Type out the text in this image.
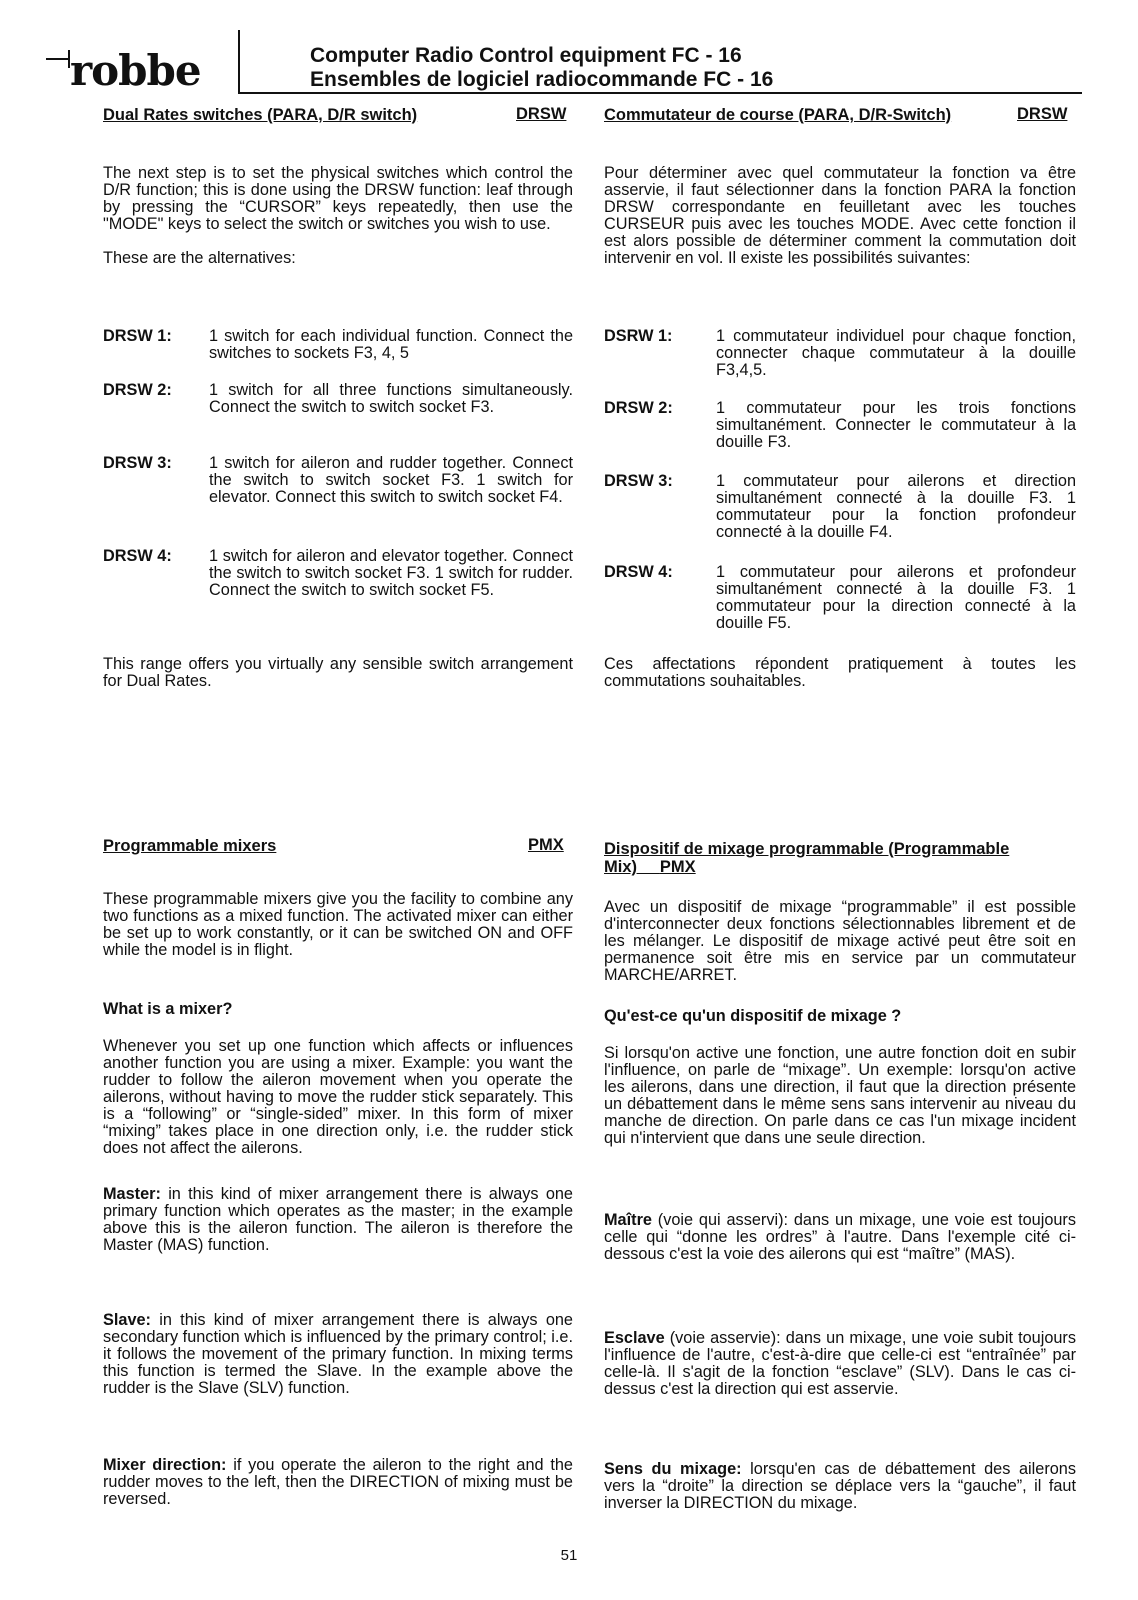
robbe	Computer Radio Control equipment FC - 16
Ensembles de logiciel radiocommande FC - 16
Dual Rates switches (PARA, D/R switch)	DRSW
The next step is to set the physical switches which control the D/R function; this is done using the DRSW function: leaf through by pressing the “CURSOR” keys repeatedly, then use the "MODE" keys to select the switch or switches you wish to use.
These are the alternatives:
DRSW 1: 1 switch for each individual function. Connect the switches to sockets F3, 4, 5
DRSW 2: 1 switch for all three functions simultaneously. Connect the switch to switch socket F3.
DRSW 3: 1 switch for aileron and rudder together. Connect the switch to switch socket F3. 1 switch for elevator. Connect this switch to switch socket F4.
DRSW 4: 1 switch for aileron and elevator together. Connect the switch to switch socket F3. 1 switch for rudder. Connect the switch to switch socket F5.
This range offers you virtually any sensible switch arrangement for Dual Rates.
Programmable mixers	PMX
These programmable mixers give you the facility to combine any two functions as a mixed function. The activated mixer can either be set up to work constantly, or it can be switched ON and OFF while the model is in flight.
What is a mixer?
Whenever you set up one function which affects or influences another function you are using a mixer. Example: you want the rudder to follow the aileron movement when you operate the ailerons, without having to move the rudder stick separately. This is a “following” or “single-sided” mixer. In this form of mixer “mixing” takes place in one direction only, i.e. the rudder stick does not affect the ailerons.
Master: in this kind of mixer arrangement there is always one primary function which operates as the master; in the example above this is the aileron function. The aileron is therefore the Master (MAS) function.
Slave: in this kind of mixer arrangement there is always one secondary function which is influenced by the primary control; i.e. it follows the movement of the primary function. In mixing terms this function is termed the Slave. In the example above the rudder is the Slave (SLV) function.
Mixer direction: if you operate the aileron to the right and the rudder moves to the left, then the DIRECTION of mixing must be reversed.
Commutateur de course (PARA, D/R-Switch)	DRSW
Pour déterminer avec quel commutateur la fonction va être asservie, il faut sélectionner dans la fonction PARA la fonction DRSW correspondante en feuilletant avec les touches CURSEUR puis avec les touches MODE. Avec cette fonction il est alors possible de déterminer comment la commutation doit intervenir en vol. Il existe les possibilités suivantes:
DSRW 1:	1 commutateur individuel pour chaque fonction, connecter chaque commutateur à la douille F3,4,5.
DRSW 2:	1 commutateur pour les trois fonctions simultanément. Connecter le commutateur à la douille F3.
DRSW 3:	1 commutateur pour ailerons et direction simultanément connecté à la douille F3. 1 commutateur pour la fonction profondeur connecté à la douille F4.
DRSW 4:	1 commutateur pour ailerons et profondeur simultanément connecté à la douille F3. 1 commutateur pour la direction connecté à la douille F5.
Ces affectations répondent pratiquement à toutes les commutations souhaitables.
Dispositif de mixage programmable (Programmable Mix) PMX
Avec un dispositif de mixage “programmable” il est possible d'interconnecter deux fonctions sélectionnables librement et de les mélanger. Le dispositif de mixage activé peut être soit en permanence soit être mis en service par un commutateur MARCHE/ARRET.
Qu'est-ce qu'un dispositif de mixage ?
Si lorsqu'on active une fonction, une autre fonction doit en subir l'influence, on parle de “mixage”. Un exemple: lorsqu'on active les ailerons, dans une direction, il faut que la direction présente un débattement dans le même sens sans intervenir au niveau du manche de direction. On parle dans ce cas l'un mixage incident qui n'intervient que dans une seule direction.
Maître (voie qui asservi): dans un mixage, une voie est toujours celle qui “donne les ordres” à l'autre. Dans l'exemple cité ci-dessous c'est la voie des ailerons qui est “maître” (MAS).
Esclave (voie asservie): dans un mixage, une voie subit toujours l'influence de l'autre, c'est-à-dire que celle-ci est “entraînée” par celle-là. Il s'agit de la fonction “esclave” (SLV). Dans le cas ci-dessus c'est la direction qui est asservie.
Sens du mixage: lorsqu'en cas de débattement des ailerons vers la “droite” la direction se déplace vers la “gauche”, il faut inverser la DIRECTION du mixage.
51
